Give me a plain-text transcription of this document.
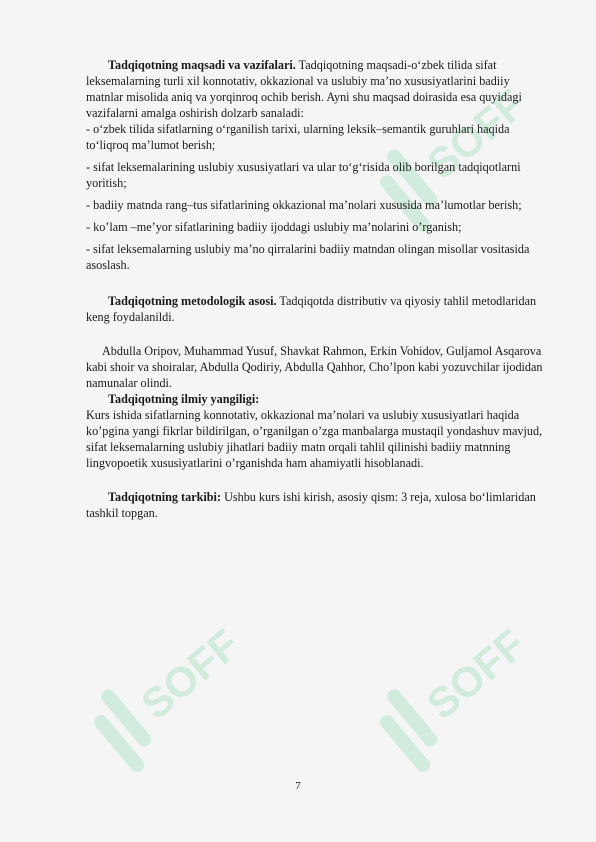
SOFF
SOFF	SOFF

Tadqiqotning maqsadi va vazifalari. Tadqiqotning maqsadi-oʻzbek tilida sifat leksemalarning turli xil konnotativ, okkazional va uslubiy ma’no xususiyatlarini badiiy matnlar misolida aniq va yorqinroq ochib berish. Ayni shu maqsad doirasida esa quyidagi vazifalarni amalga oshirish dolzarb sanaladi:

- oʻzbek tilida sifatlarning oʻrganilish tarixi, ularning leksik–semantik guruhlari haqida toʻliqroq maʼlumot berish;

- sifat leksemalarining uslubiy xususiyatlari va ular toʻgʻrisida olib borilgan tadqiqotlarni yoritish;

- badiiy matnda rang–tus sifatlarining okkazional maʼnolari xususida maʼlumotlar berish;

- koʼlam –meʼyor sifatlarining badiiy ijoddagi uslubiy maʼnolarini oʼrganish;

- sifat leksemalarning uslubiy maʼno qirralarini badiiy matndan olingan misollar vositasida asoslash.

Tadqiqotning metodologik asosi. Tadqiqotda distributiv va qiyosiy tahlil metodlaridan keng foydalanildi.

Abdulla Oripov, Muhammad Yusuf, Shavkat Rahmon, Erkin Vohidov, Guljamol Asqarova kabi shoir va shoiralar, Abdulla Qodiriy, Abdulla Qahhor, Cho’lpon kabi yozuvchilar ijodidan namunalar olindi.

Tadqiqotning ilmiy yangiligi:

Kurs ishida sifatlarning konnotativ, okkazional maʼnolari va uslubiy xususiyatlari haqida ko’pgina yangi fikrlar bildirilgan, o’rganilgan o’zga manbalarga mustaqil yondashuv mavjud, sifat leksemalarning uslubiy jihatlari badiiy matn orqali tahlil qilinishi badiiy matnning lingvopoetik xususiyatlarini o’rganishda ham ahamiyatli hisoblanadi.

Tadqiqotning tarkibi: Ushbu kurs ishi kirish, asosiy qism: 3 reja, xulosa boʻlimlaridan tashkil topgan.

7
